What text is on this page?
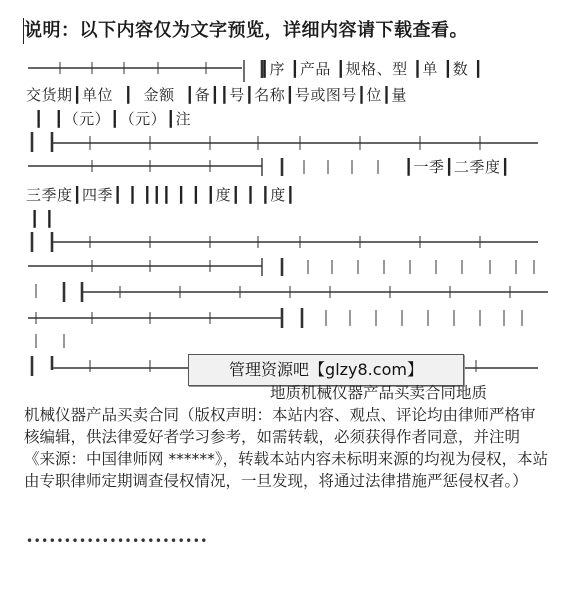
说明：以下内容仅为文字预览，详细内容请下载查看。
┃序 ┃产品 ┃规格、型 ┃单 ┃数 ┃
交货期┃单位  ┃  金额  ┃备┃┃号┃名称┃号或图号┃位┃量
┃  ┃（元）┃（元）┃注
┃一季┃二季度┃
三季度┃四季┃ ┃ ┃┃┃ ┃ ┃ ┃度┃ ┃ ┃度┃
┃ ┃
管理资源吧【glzy8.com】
地质机械仪器产品买卖合同地质
机械仪器产品买卖合同（版权声明：本站内容、观点、评论均由律师严格审核编辑，供法律爱好者学习参考，如需转载，必须获得作者同意，并注明《来源：中国律师网 ******》，转载本站内容未标明来源的均视为侵权，本站由专职律师定期调查侵权情况，一旦发现，将通过法律措施严惩侵权者。）
••••••••••••••••••••••••
